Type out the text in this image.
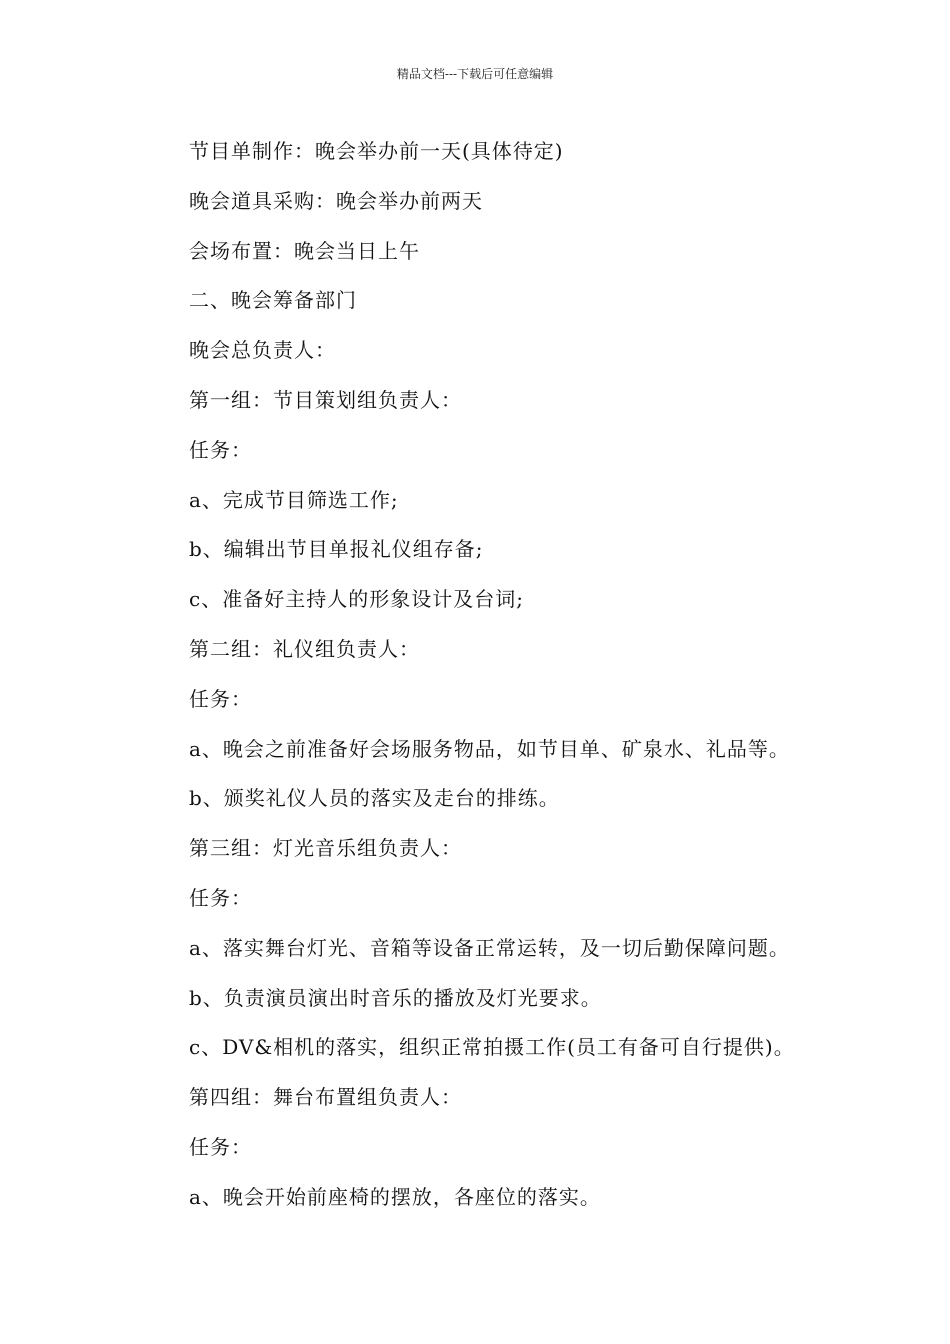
精品文档---下载后可任意编辑
节目单制作：晚会举办前一天(具体待定)
晚会道具采购：晚会举办前两天
会场布置：晚会当日上午
二、晚会筹备部门
晚会总负责人：
第一组：节目策划组负责人：
任务：
a、完成节目筛选工作;
b、编辑出节目单报礼仪组存备;
c、准备好主持人的形象设计及台词;
第二组：礼仪组负责人：
任务：
a、晚会之前准备好会场服务物品，如节目单、矿泉水、礼品等。
b、颁奖礼仪人员的落实及走台的排练。
第三组：灯光音乐组负责人：
任务：
a、落实舞台灯光、音箱等设备正常运转，及一切后勤保障问题。
b、负责演员演出时音乐的播放及灯光要求。
c、DV&相机的落实，组织正常拍摄工作(员工有备可自行提供)。
第四组：舞台布置组负责人：
任务：
a、晚会开始前座椅的摆放，各座位的落实。
